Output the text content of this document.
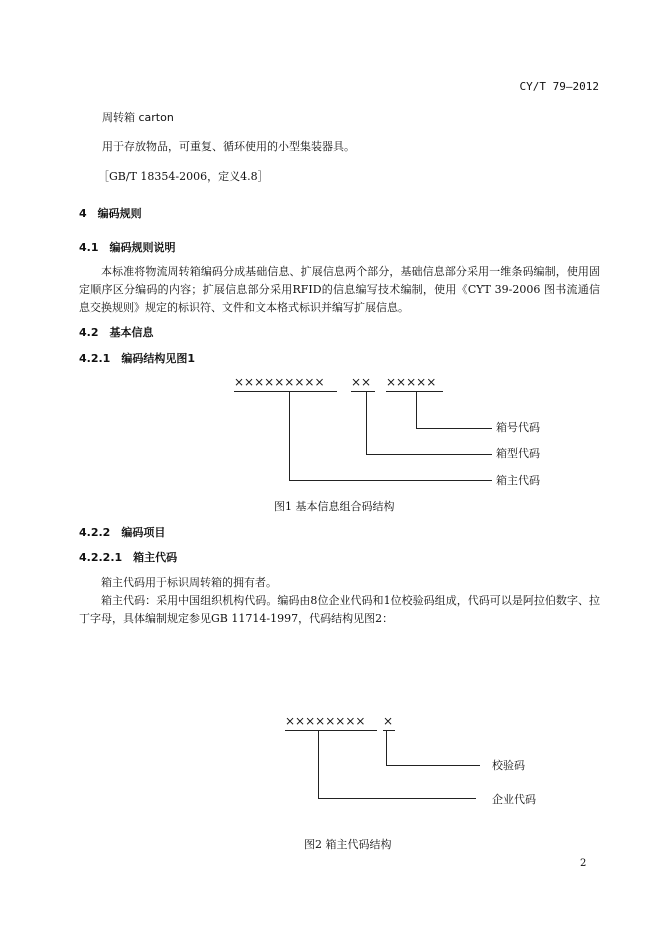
CY/T 79—2012
周转箱 carton
用于存放物品，可重复、循环使用的小型集装器具。
［GB/T 18354-2006，定义4.8］
4　编码规则
4.1　编码规则说明
本标准将物流周转箱编码分成基础信息、扩展信息两个部分，基础信息部分采用一维条码编制，使用固定顺序区分编码的内容；扩展信息部分采用RFID的信息编写技术编制，使用《CYT 39-2006 图书流通信息交换规则》规定的标识符、文件和文本格式标识并编写扩展信息。
4.2　基本信息
4.2.1　编码结构见图1
××××××××× ×× ×××××
箱号代码
箱型代码
箱主代码
图1 基本信息组合码结构
4.2.2　编码项目
4.2.2.1　箱主代码
箱主代码用于标识周转箱的拥有者。
箱主代码：采用中国组织机构代码。编码由8位企业代码和1位校验码组成，代码可以是阿拉伯数字、拉丁字母，具体编制规定参见GB 11714-1997，代码结构见图2：
×××××××× ×
校验码
企业代码
图2 箱主代码结构
2
